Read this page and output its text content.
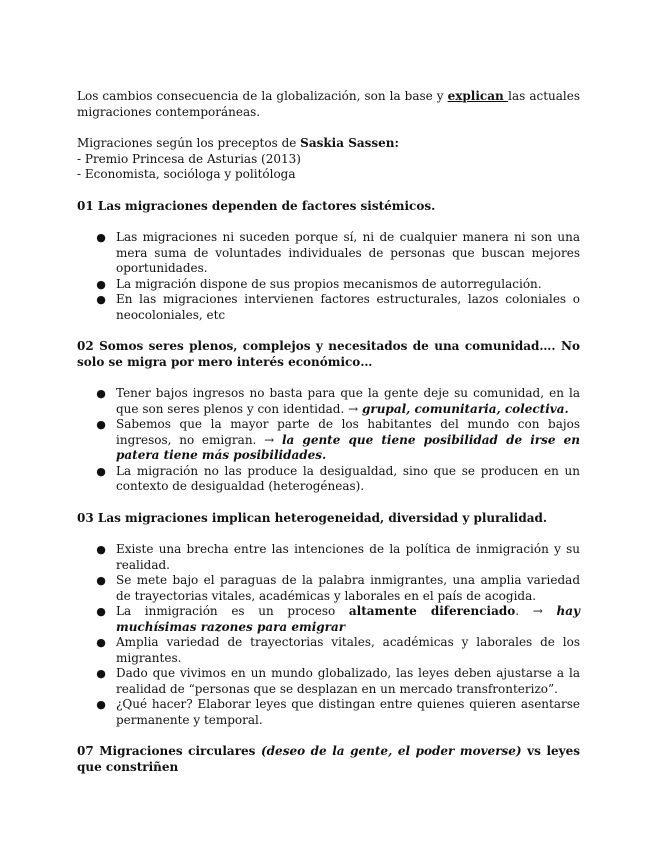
Los cambios consecuencia de la globalización, son la base y explican las actuales migraciones contemporáneas.

Migraciones según los preceptos de Saskia Sassen:

- Premio Princesa de Asturias (2013)

- Economista, socióloga y politóloga

01 Las migraciones dependen de factores sistémicos.

● Las migraciones ni suceden porque sí, ni de cualquier manera ni son una mera suma de voluntades individuales de personas que buscan mejores oportunidades.
● La migración dispone de sus propios mecanismos de autorregulación.
● En las migraciones intervienen factores estructurales, lazos coloniales o neocoloniales, etc

02 Somos seres plenos, complejos y necesitados de una comunidad…. No solo se migra por mero interés económico…

● Tener bajos ingresos no basta para que la gente deje su comunidad, en la que son seres plenos y con identidad. → grupal, comunitaria, colectiva.
● Sabemos que la mayor parte de los habitantes del mundo con bajos ingresos, no emigran. → la gente que tiene posibilidad de irse en patera tiene más posibilidades.
● La migración no las produce la desigualdad, sino que se producen en un contexto de desigualdad (heterogéneas).

03 Las migraciones implican heterogeneidad, diversidad y pluralidad.

● Existe una brecha entre las intenciones de la política de inmigración y su realidad.
● Se mete bajo el paraguas de la palabra inmigrantes, una amplia variedad de trayectorias vitales, académicas y laborales en el país de acogida.
● La inmigración es un proceso altamente diferenciado. → hay muchísimas razones para emigrar
● Amplia variedad de trayectorias vitales, académicas y laborales de los migrantes.
● Dado que vivimos en un mundo globalizado, las leyes deben ajustarse a la realidad de “personas que se desplazan en un mercado transfronterizo”.
● ¿Qué hacer? Elaborar leyes que distingan entre quienes quieren asentarse permanente y temporal.

07 Migraciones circulares (deseo de la gente, el poder moverse) vs leyes que constriñen
